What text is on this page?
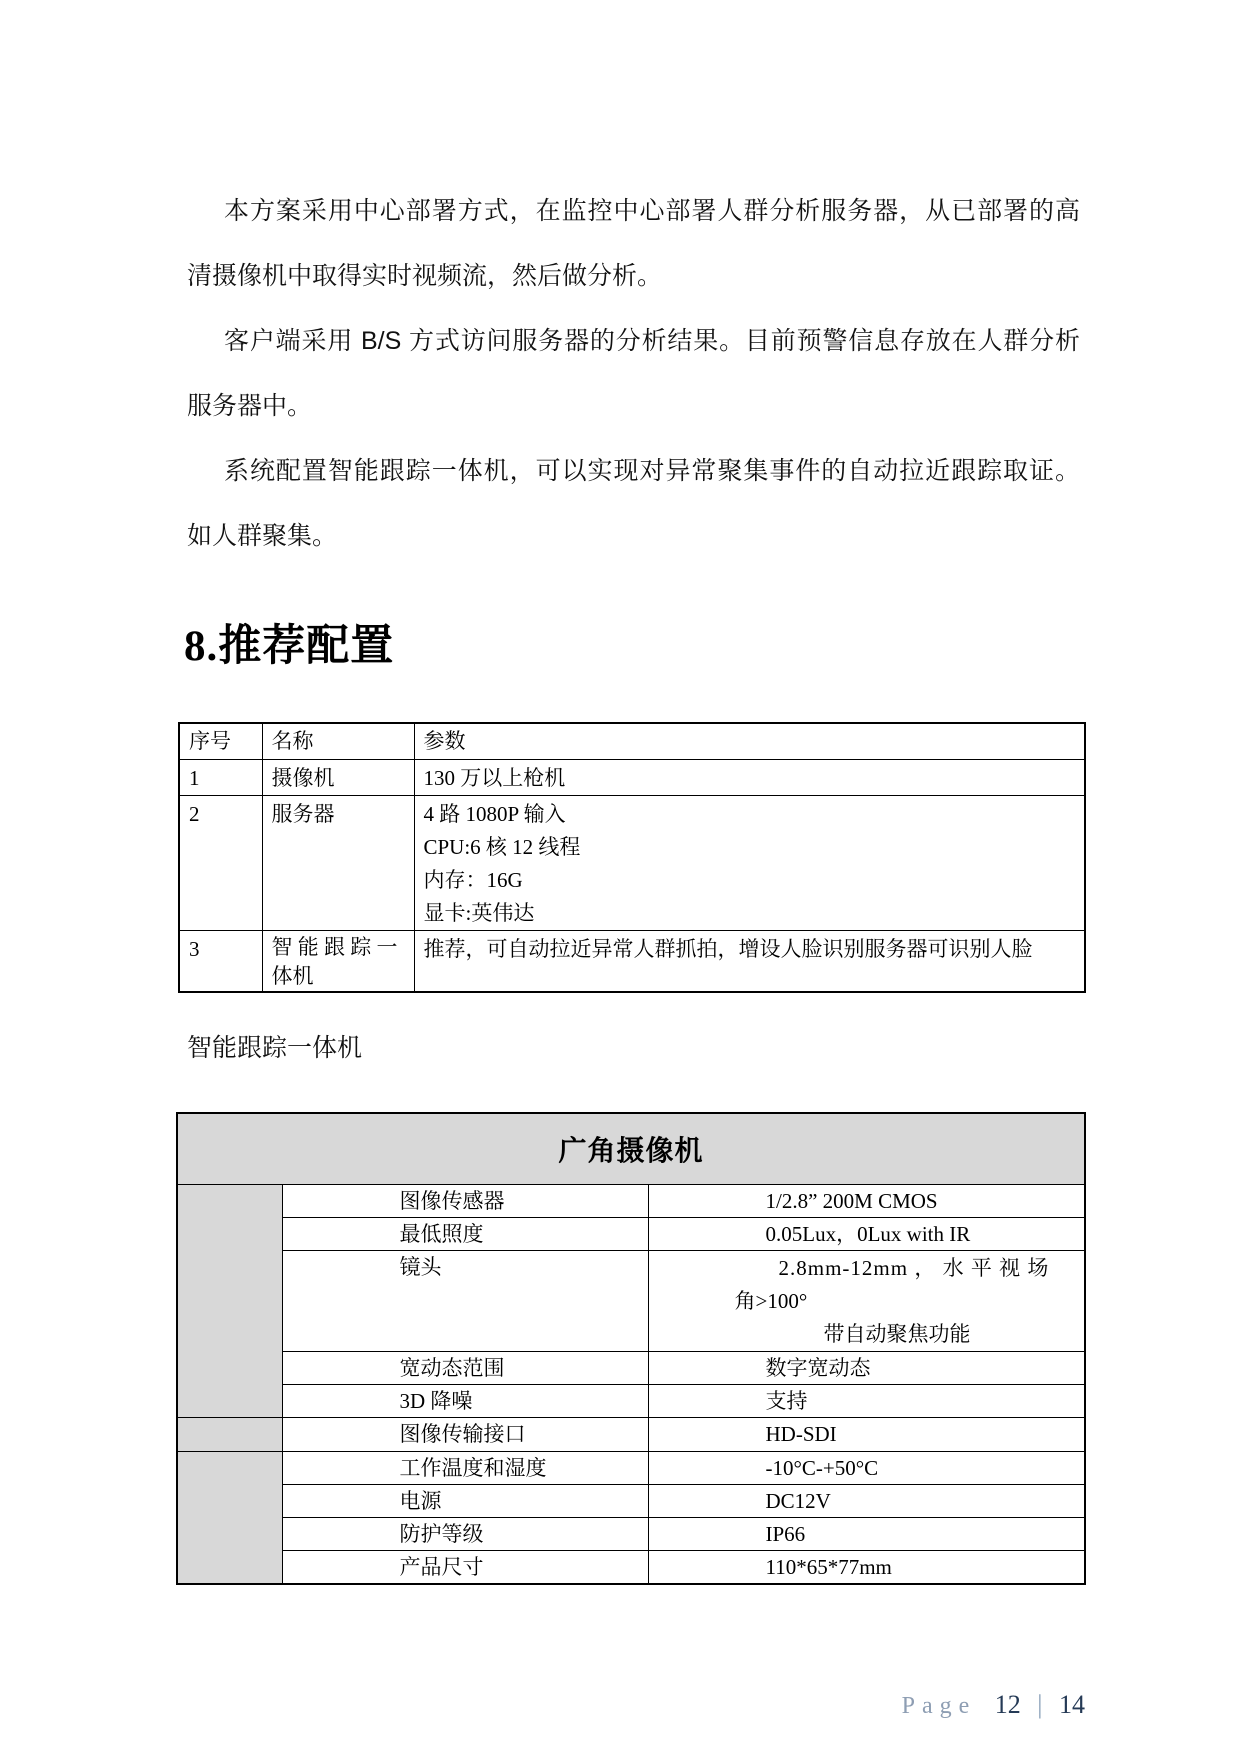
本方案采用中心部署方式，在监控中心部署人群分析服务器，从已部署的高
清摄像机中取得实时视频流，然后做分析。
客户端采用 B/S 方式访问服务器的分析结果。目前预警信息存放在人群分析
服务器中。
系统配置智能跟踪一体机，可以实现对异常聚集事件的自动拉近跟踪取证。
如人群聚集。
8.推荐配置
序号	名称	参数
1	摄像机	130 万以上枪机
2	服务器	4 路 1080P 输入
CPU:6 核 12 线程
内存：16G
显卡:英伟达

3	智 能 跟 踪 一
体机	推荐，可自动拉近异常人群抓拍，增设人脸识别服务器可识别人脸
智能跟踪一体机
广角摄像机		
	图像传感器	1/2.8” 200M CMOS
	最低照度	0.05Lux，0Lux with IR
	镜头	2.8mm-12mm ， 水 平 视 场
角>100°
带自动聚焦功能

	宽动态范围	数字宽动态
	3D 降噪	支持
	图像传输接口	HD-SDI
	工作温度和湿度	-10°C-+50°C
	电源	DC12V
	防护等级	IP66
	产品尺寸	110*65*77mm
Page 12 | 14
